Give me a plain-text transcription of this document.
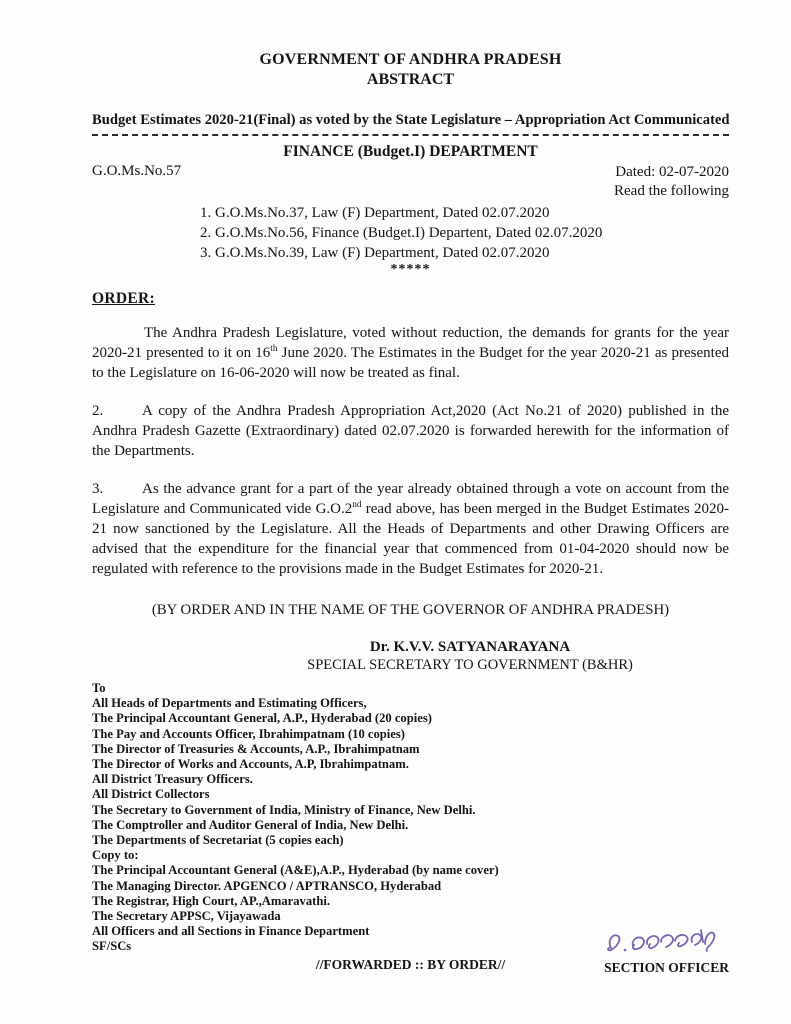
GOVERNMENT OF ANDHRA PRADESH
ABSTRACT
Budget Estimates 2020-21(Final) as voted by the State Legislature – Appropriation Act Communicated
FINANCE (Budget.I) DEPARTMENT
G.O.Ms.No.57	Dated: 02-07-2020
Read the following
1. G.O.Ms.No.37, Law (F) Department, Dated 02.07.2020
2. G.O.Ms.No.56, Finance (Budget.I) Departent, Dated 02.07.2020
3. G.O.Ms.No.39, Law (F) Department, Dated 02.07.2020
*****
ORDER:

The Andhra Pradesh Legislature, voted without reduction, the demands for grants for the year 2020-21 presented to it on 16th June 2020. The Estimates in the Budget for the year 2020-21 as presented to the Legislature on 16-06-2020 will now be treated as final.

2.	A copy of the Andhra Pradesh Appropriation Act,2020 (Act No.21 of 2020) published in the Andhra Pradesh Gazette (Extraordinary) dated 02.07.2020 is forwarded herewith for the information of the Departments.

3.	As the advance grant for a part of the year already obtained through a vote on account from the Legislature and Communicated vide G.O.2nd read above, has been merged in the Budget Estimates 2020-21 now sanctioned by the Legislature. All the Heads of Departments and other Drawing Officers are advised that the expenditure for the financial year that commenced from 01-04-2020 should now be regulated with reference to the provisions made in the Budget Estimates for 2020-21.

(BY ORDER AND IN THE NAME OF THE GOVERNOR OF ANDHRA PRADESH)
Dr. K.V.V. SATYANARAYANA
SPECIAL SECRETARY TO GOVERNMENT (B&HR)
To
All Heads of Departments and Estimating Officers,
The Principal Accountant General, A.P., Hyderabad (20 copies)
The Pay and Accounts Officer, Ibrahimpatnam (10 copies)
The Director of Treasuries & Accounts, A.P., Ibrahimpatnam
The Director of Works and Accounts, A.P, Ibrahimpatnam.
All District Treasury Officers.
All District Collectors
The Secretary to Government of India, Ministry of Finance, New Delhi.
The Comptroller and Auditor General of India, New Delhi.
The Departments of Secretariat (5 copies each)
Copy to:
The Principal Accountant General (A&E),A.P., Hyderabad (by name cover)
The Managing Director. APGENCO / APTRANSCO, Hyderabad
The Registrar, High Court, AP.,Amaravathi.
The Secretary APPSC, Vijayawada
All Officers and all Sections in Finance Department
SF/SCs
//FORWARDED :: BY ORDER//	SECTION OFFICER
